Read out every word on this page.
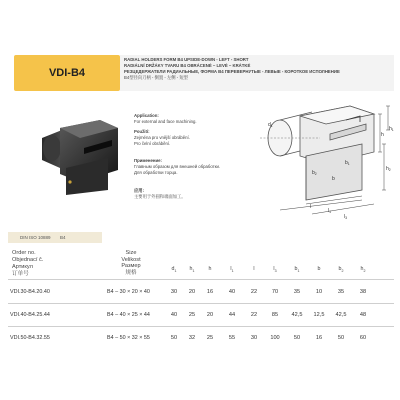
VDI-B4
RADIAL HOLDERS FORM B4 UPSIDE-DOWN - LEFT - SHORT
RADIÁLNÍ DRŽÁKY TVARU B4 OBRÁCENÉ – LEVÉ – KRÁTKÉ
РЕЗЦЕДЕРЖАТЕЛИ РАДИАЛЬНЫЕ, ФОРМА B4 ПЕРЕВЕРНУТЫЕ - ЛЕВЫЕ - КОРОТКОЕ ИСПОЛНЕНИЕ
B4型径向刀柄 - 倒置 - 左侧 - 短型
Application:
For external and face machining.
Použití:
Zejména pro vnější obrábění.
Pro čelní obrábění.
Применение:
Главным образом для внешней обработки.
Для обработки торца.
应用:
主要用于外圆和端面加工。
$d_1$	$h_1$
h
$h_2$
$b_2$
b
$b_1$
l
$l_1$
$l_3$
DIN ISO 10889 B4
Order no.
Objednací č.
Артикул
订单号
Size
Velikost
Размер
规格
$d_1$	$h_1$	h	$l_1$	l	$l_3$	$b_1$	b	$b_2$	$h_2$
VDI.30-B4.20.40	B4 – 30 × 20 × 40	30	20	16	40	22	70	35	10	35	38
VDI.40-B4.25.44	B4 – 40 × 25 × 44	40	25	20	44	22	85	42,5	12,5	42,5	48
VDI.50-B4.32.55	B4 – 50 × 32 × 55	50	32	25	55	30	100	50	16	50	60
